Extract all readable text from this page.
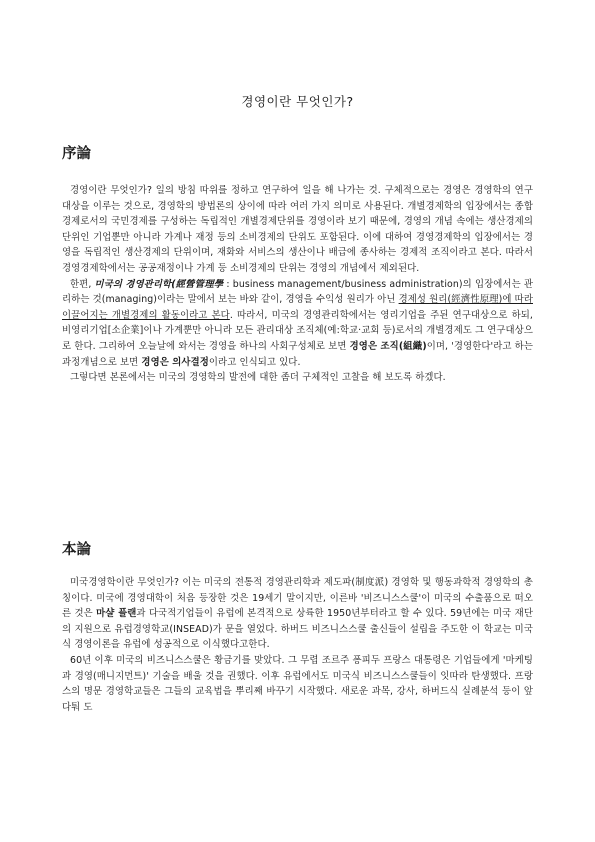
경영이란 무엇인가?
序論

경영이란 무엇인가? 일의 방침 따위를 정하고 연구하여 일을 해 나가는 것. 구체적으로는 경영은 경영학의 연구대상을 이루는 것으로, 경영학의 방법론의 상이에 따라 여러 가지 의미로 사용된다. 개별경제학의 입장에서는 종합경제로서의 국민경제를 구성하는 독립적인 개별경제단위를 경영이라 보기 때문에, 경영의 개념 속에는 생산경제의 단위인 기업뿐만 아니라 가계나 재정 등의 소비경제의 단위도 포함된다. 이에 대하여 경영경제학의 입장에서는 경영을 독립적인 생산경제의 단위이며, 재화와 서비스의 생산이나 배급에 종사하는 경제적 조직이라고 본다. 따라서 경영경제학에서는 공공재정이나 가계 등 소비경제의 단위는 경영의 개념에서 제외된다.

한편, 미국의 경영관리학(經營管理學 : business management/business administration)의 입장에서는 관리하는 것(managing)이라는 말에서 보는 바와 같이, 경영을 수익성 원리가 아닌 경제성 원리(經濟性原理)에 따라 이끌어지는 개별경제의 활동이라고 본다. 따라서, 미국의 경영관리학에서는 영리기업을 주된 연구대상으로 하되, 비영리기업[소企業]이나 가계뿐만 아니라 모든 관리대상 조직체(예:학교·교회 등)로서의 개별경제도 그 연구대상으로 한다. 그리하여 오늘날에 와서는 경영을 하나의 사회구성체로 보면 경영은 조직(組織)이며, '경영한다'라고 하는 과정개념으로 보면 경영은 의사결정이라고 인식되고 있다.

그렇다면 본론에서는 미국의 경영학의 발전에 대한 좀더 구체적인 고찰을 해 보도록 하겠다.

本論

미국경영학이란 무엇인가? 이는 미국의 전통적 경영관리학과 제도파(制度派) 경영학 및 행동과학적 경영학의 총칭이다. 미국에 경영대학이 처음 등장한 것은 19세기 말이지만, 이른바 '비즈니스스쿨'이 미국의 수출품으로 떠오른 것은 마샬 플랜과 다국적기업들이 유럽에 본격적으로 상륙한 1950년부터라고 할 수 있다. 59년에는 미국 재단의 지원으로 유럽경영학교(INSEAD)가 문을 열었다. 하버드 비즈니스스쿨 출신들이 설립을 주도한 이 학교는 미국식 경영이론을 유럽에 성공적으로 이식했다고한다.

60년 이후 미국의 비즈니스스쿨은 황금기를 맞았다. 그 무렵 조르주 퐁피두 프랑스 대통령은 기업들에게 '마케팅과 경영(매니지먼트)' 기술을 배울 것을 권했다. 이후 유럽에서도 미국식 비즈니스스쿨들이 잇따라 탄생했다. 프랑스의 명문 경영학교들은 그들의 교육법을 뿌리째 바꾸기 시작했다. 새로운 과목, 강사, 하버드식 실례분석 등이 앞다퉈 도
